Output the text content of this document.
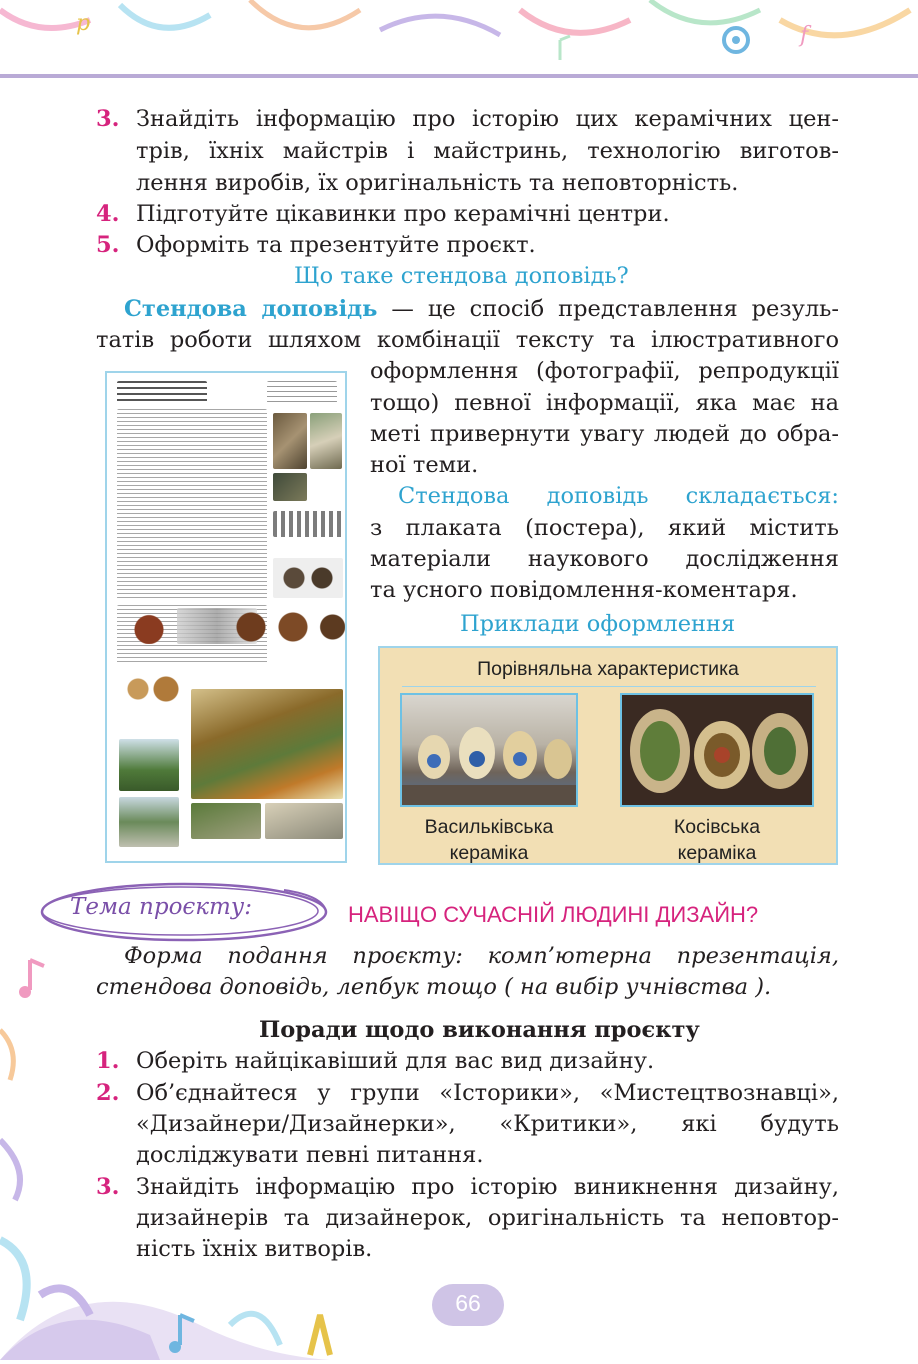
p	f
3. Знайдіть інформацію про історію цих керамічних цен-
трів, їхніх майстрів і майстринь, технологію виготов-
лення виробів, їх оригінальність та неповторність.
4. Підготуйте цікавинки про керамічні центри.
5. Оформіть та презентуйте проєкт.
Що таке стендова доповідь?
Стендова доповідь — це спосіб представлення резуль-
татів роботи шляхом комбінації тексту та ілюстративного
оформлення (фотографії, репродукції
тощо) певної інформації, яка має на
меті привернути увагу людей до обра-
ної теми.
Стендова доповідь складається:
з плаката (постера), який містить
матеріали наукового дослідження
та усного повідомлення-коментаря.
Приклади оформлення
Порівняльна характеристика
Васильківська
кераміка
Косівська
кераміка
Тема проєкту:	НАВІЩО СУЧАСНІЙ ЛЮДИНІ ДИЗАЙН?
Форма подання проєкту: комп’ютерна презентація,
стендова доповідь, лепбук тощо ( на вибір учнівства ).
Поради щодо виконання проєкту
1. Оберіть найцікавіший для вас вид дизайну.
2. Об’єднайтеся у групи «Історики», «Мистецтвознавці»,
«Дизайнери/Дизайнерки», «Критики», які будуть
досліджувати певні питання.
3. Знайдіть інформацію про історію виникнення дизайну,
дизайнерів та дизайнерок, оригінальність та неповтор-
ність їхніх витворів.
66
